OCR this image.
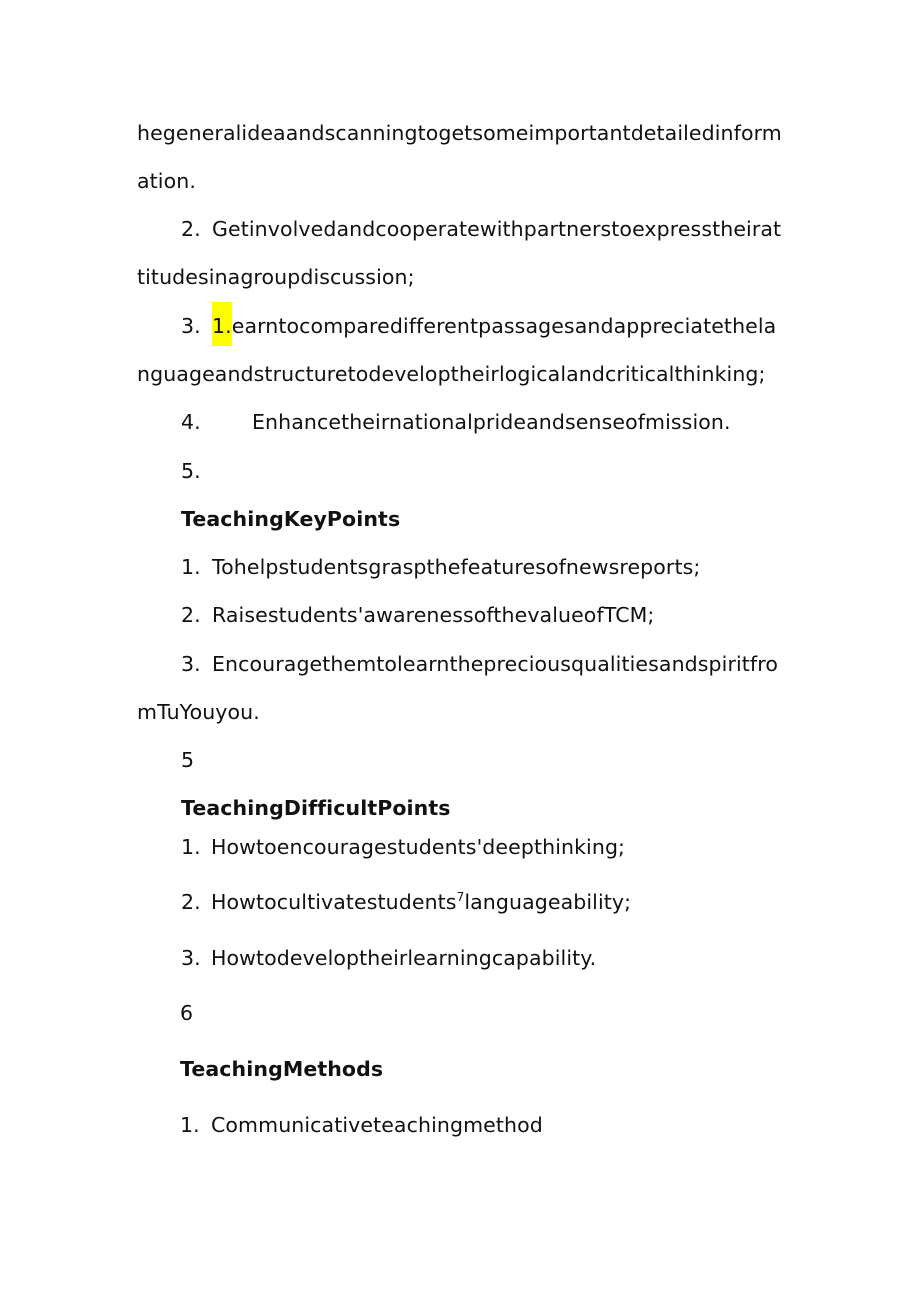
hegeneralideaandscanningtogetsomeimportantdetailedinform
ation.
2. Getinvolvedandcooperatewithpartnerstoexpresstheirat
titudesinagroupdiscussion;
3. 1.earntocomparedifferentpassagesandappreciatethela
nguageandstructuretodeveloptheirlogicalandcriticalthinking;
4. Enhancetheirnationalprideandsenseofmission.
5.
TeachingKeyPoints
1. Tohelpstudentsgraspthefeaturesofnewsreports;
2. Raisestudents'awarenessofthevalueofTCM;
3. Encouragethemtolearnthepreciousqualitiesandspiritfro
mTuYouyou.
5
TeachingDifficultPoints
1. Howtoencouragestudents'deepthinking;
2. Howtocultivatestudents$^7$languageability;
3. Howtodeveloptheirlearningcapability.
6
TeachingMethods
1. Communicativeteachingmethod
